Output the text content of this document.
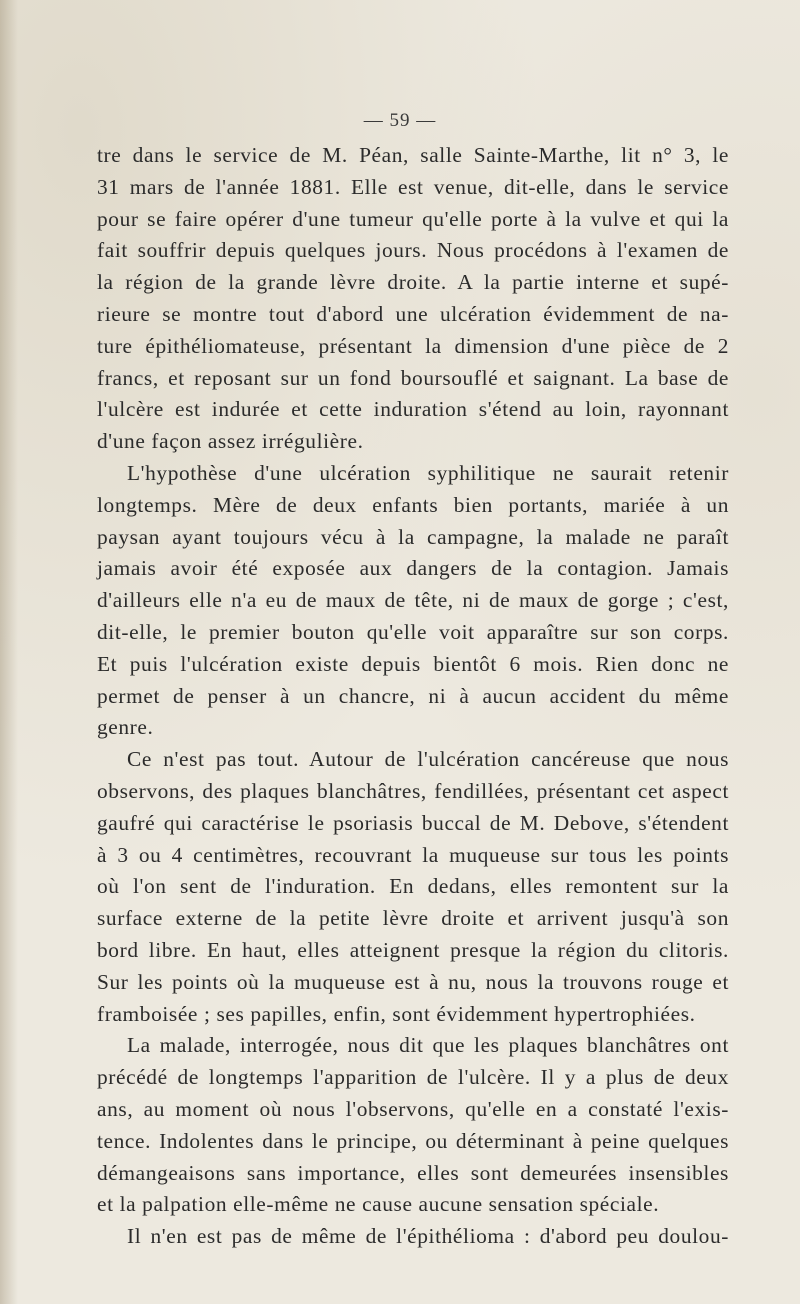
— 59 —
tre dans le service de M. Péan, salle Sainte-Marthe, lit n° 3, le
31 mars de l'année 1881. Elle est venue, dit-elle, dans le service
pour se faire opérer d'une tumeur qu'elle porte à la vulve et qui la
fait souffrir depuis quelques jours. Nous procédons à l'examen de
la région de la grande lèvre droite. A la partie interne et supé-
rieure se montre tout d'abord une ulcération évidemment de na-
ture épithéliomateuse, présentant la dimension d'une pièce de 2
francs, et reposant sur un fond boursouflé et saignant. La base de
l'ulcère est indurée et cette induration s'étend au loin, rayonnant
d'une façon assez irrégulière.
L'hypothèse d'une ulcération syphilitique ne saurait retenir
longtemps. Mère de deux enfants bien portants, mariée à un
paysan ayant toujours vécu à la campagne, la malade ne paraît
jamais avoir été exposée aux dangers de la contagion. Jamais
d'ailleurs elle n'a eu de maux de tête, ni de maux de gorge ; c'est,
dit-elle, le premier bouton qu'elle voit apparaître sur son corps.
Et puis l'ulcération existe depuis bientôt 6 mois. Rien donc ne
permet de penser à un chancre, ni à aucun accident du même
genre.
Ce n'est pas tout. Autour de l'ulcération cancéreuse que nous
observons, des plaques blanchâtres, fendillées, présentant cet aspect
gaufré qui caractérise le psoriasis buccal de M. Debove, s'étendent
à 3 ou 4 centimètres, recouvrant la muqueuse sur tous les points
où l'on sent de l'induration. En dedans, elles remontent sur la
surface externe de la petite lèvre droite et arrivent jusqu'à son
bord libre. En haut, elles atteignent presque la région du clitoris.
Sur les points où la muqueuse est à nu, nous la trouvons rouge et
framboisée ; ses papilles, enfin, sont évidemment hypertrophiées.
La malade, interrogée, nous dit que les plaques blanchâtres ont
précédé de longtemps l'apparition de l'ulcère. Il y a plus de deux
ans, au moment où nous l'observons, qu'elle en a constaté l'exis-
tence. Indolentes dans le principe, ou déterminant à peine quelques
démangeaisons sans importance, elles sont demeurées insensibles
et la palpation elle-même ne cause aucune sensation spéciale.
Il n'en est pas de même de l'épithélioma : d'abord peu doulou-
